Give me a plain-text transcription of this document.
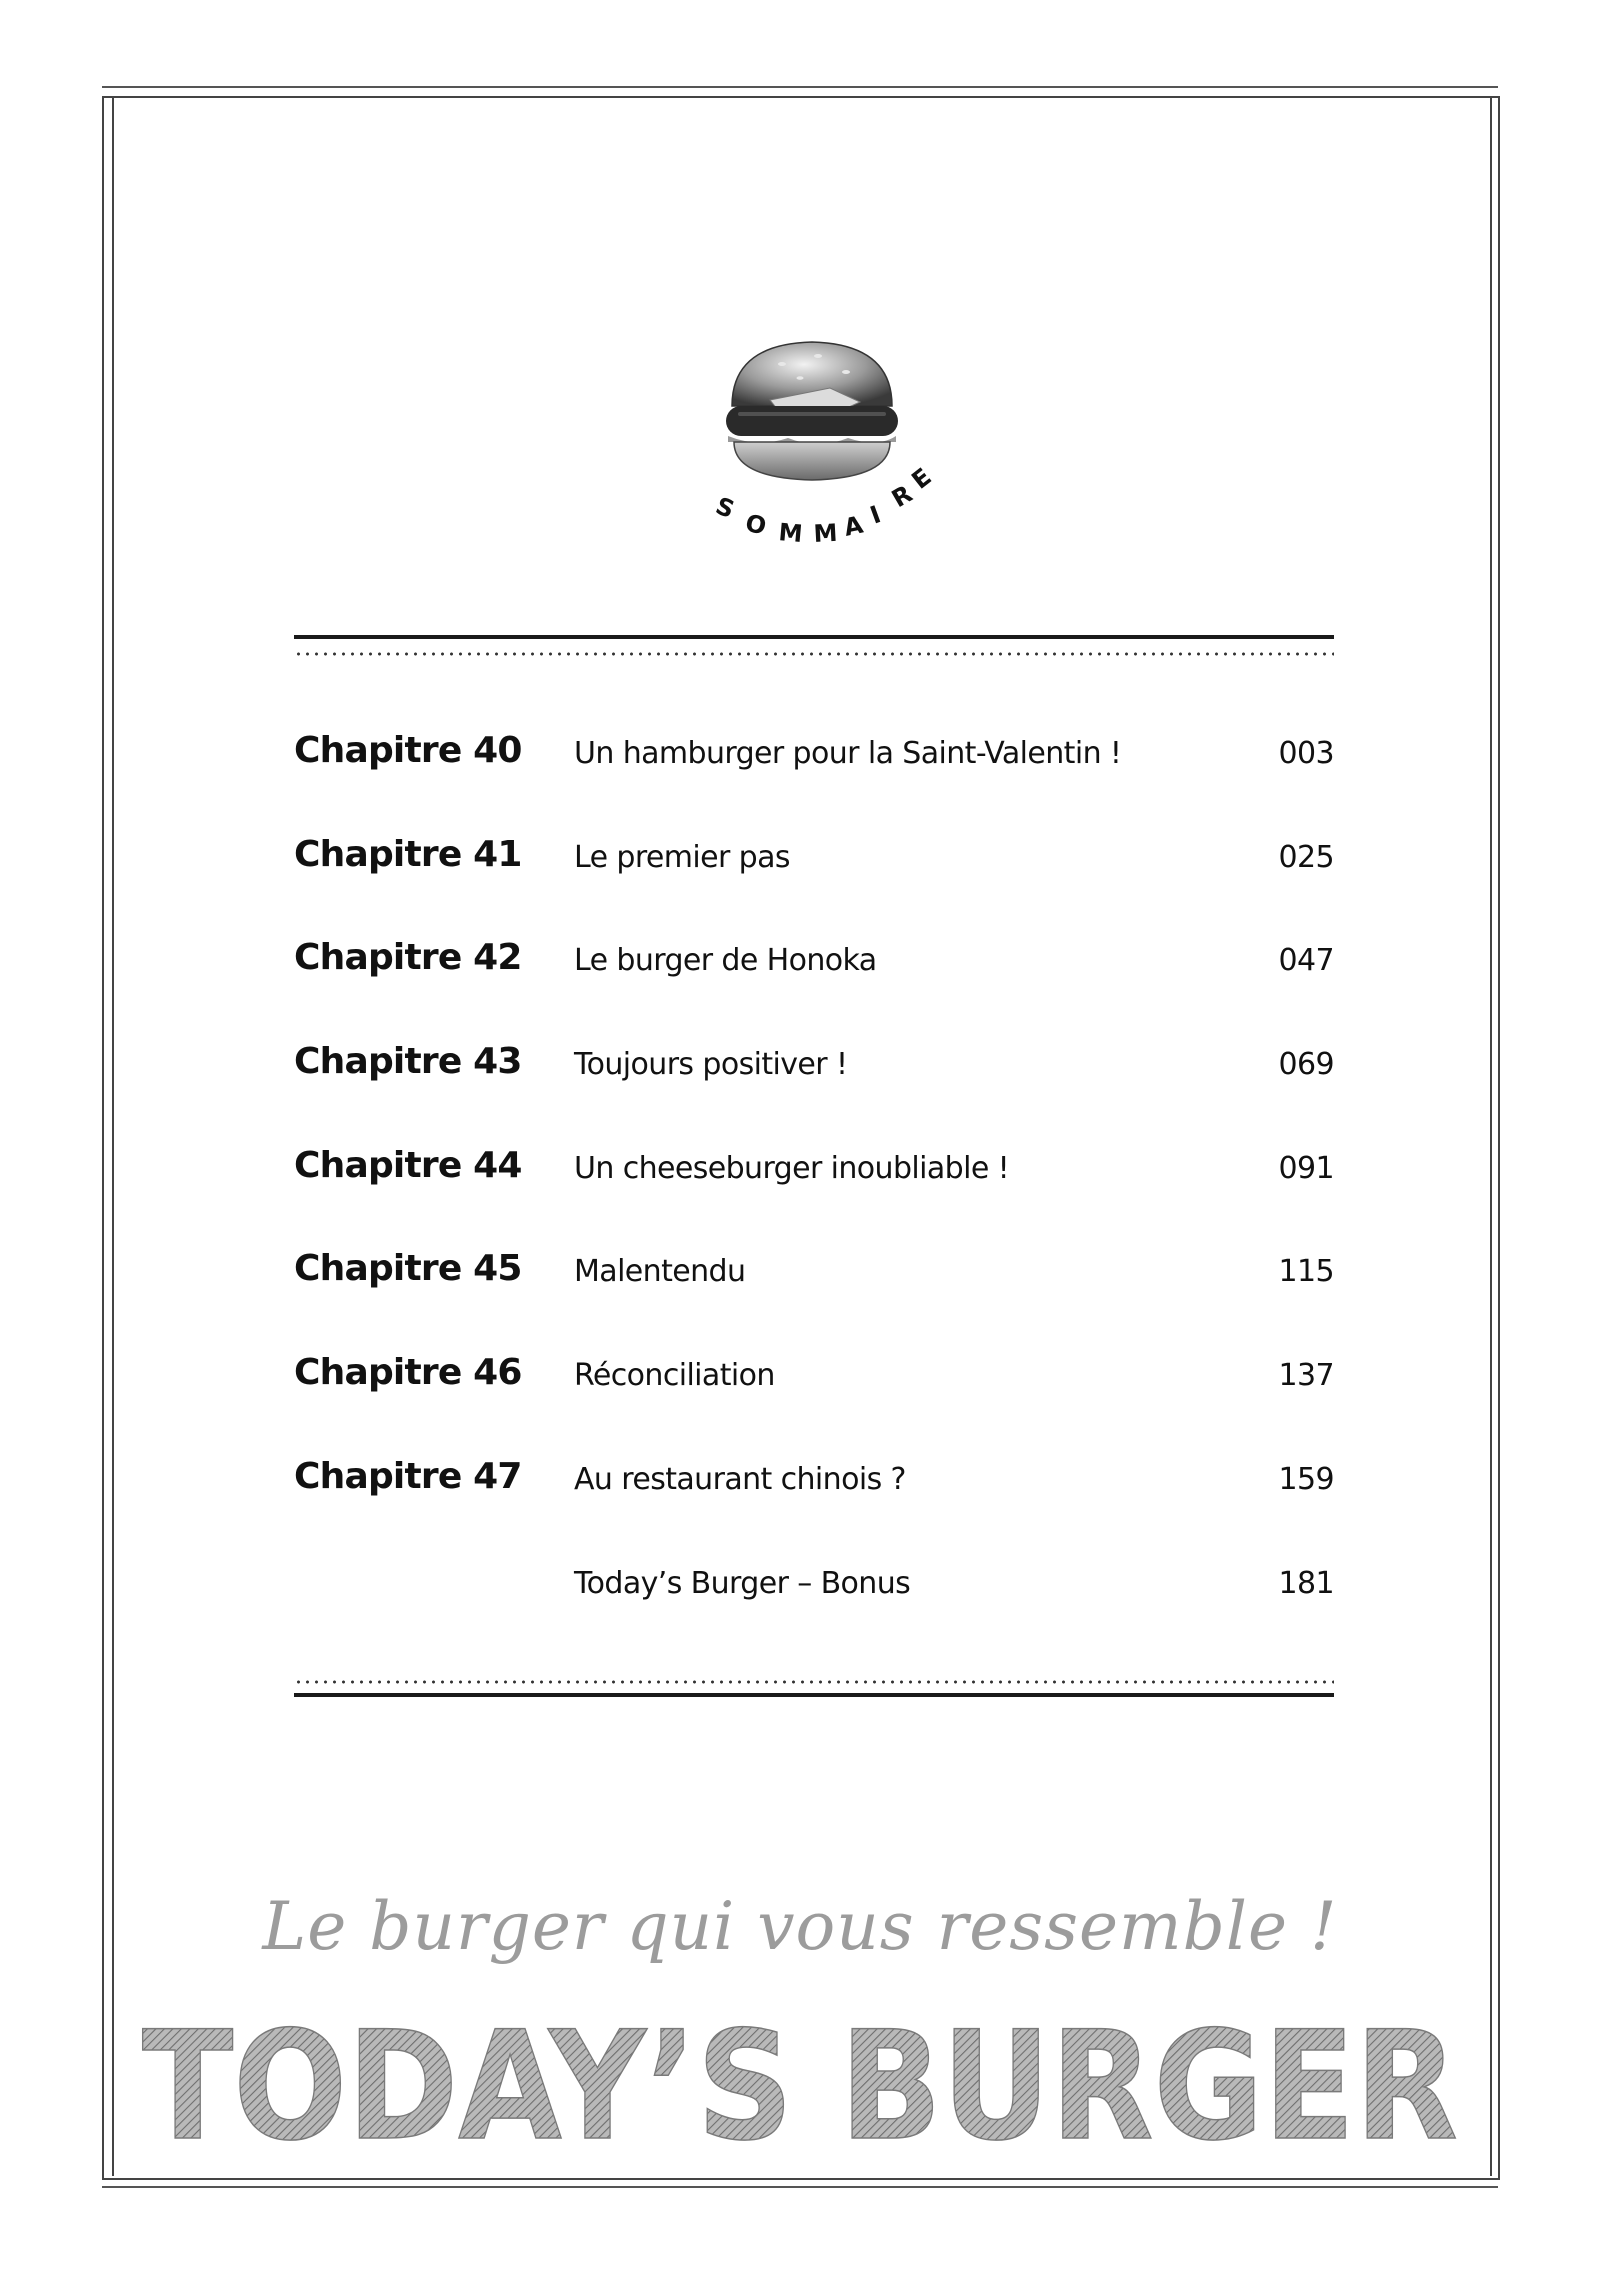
S
O M M A I
R
E
Chapitre 40 Un hamburger pour la Saint-Valentin !	003
Chapitre 41 Le premier pas	025
Chapitre 42 Le burger de Honoka	047
Chapitre 43 Toujours positiver !	069
Chapitre 44 Un cheeseburger inoubliable !	091
Chapitre 45 Malentendu	115
Chapitre 46 Réconciliation	137
Chapitre 47 Au restaurant chinois ?	159
Today’s Burger – Bonus	181
Le burger qui vous ressemble !
TODAY’S BURGER
